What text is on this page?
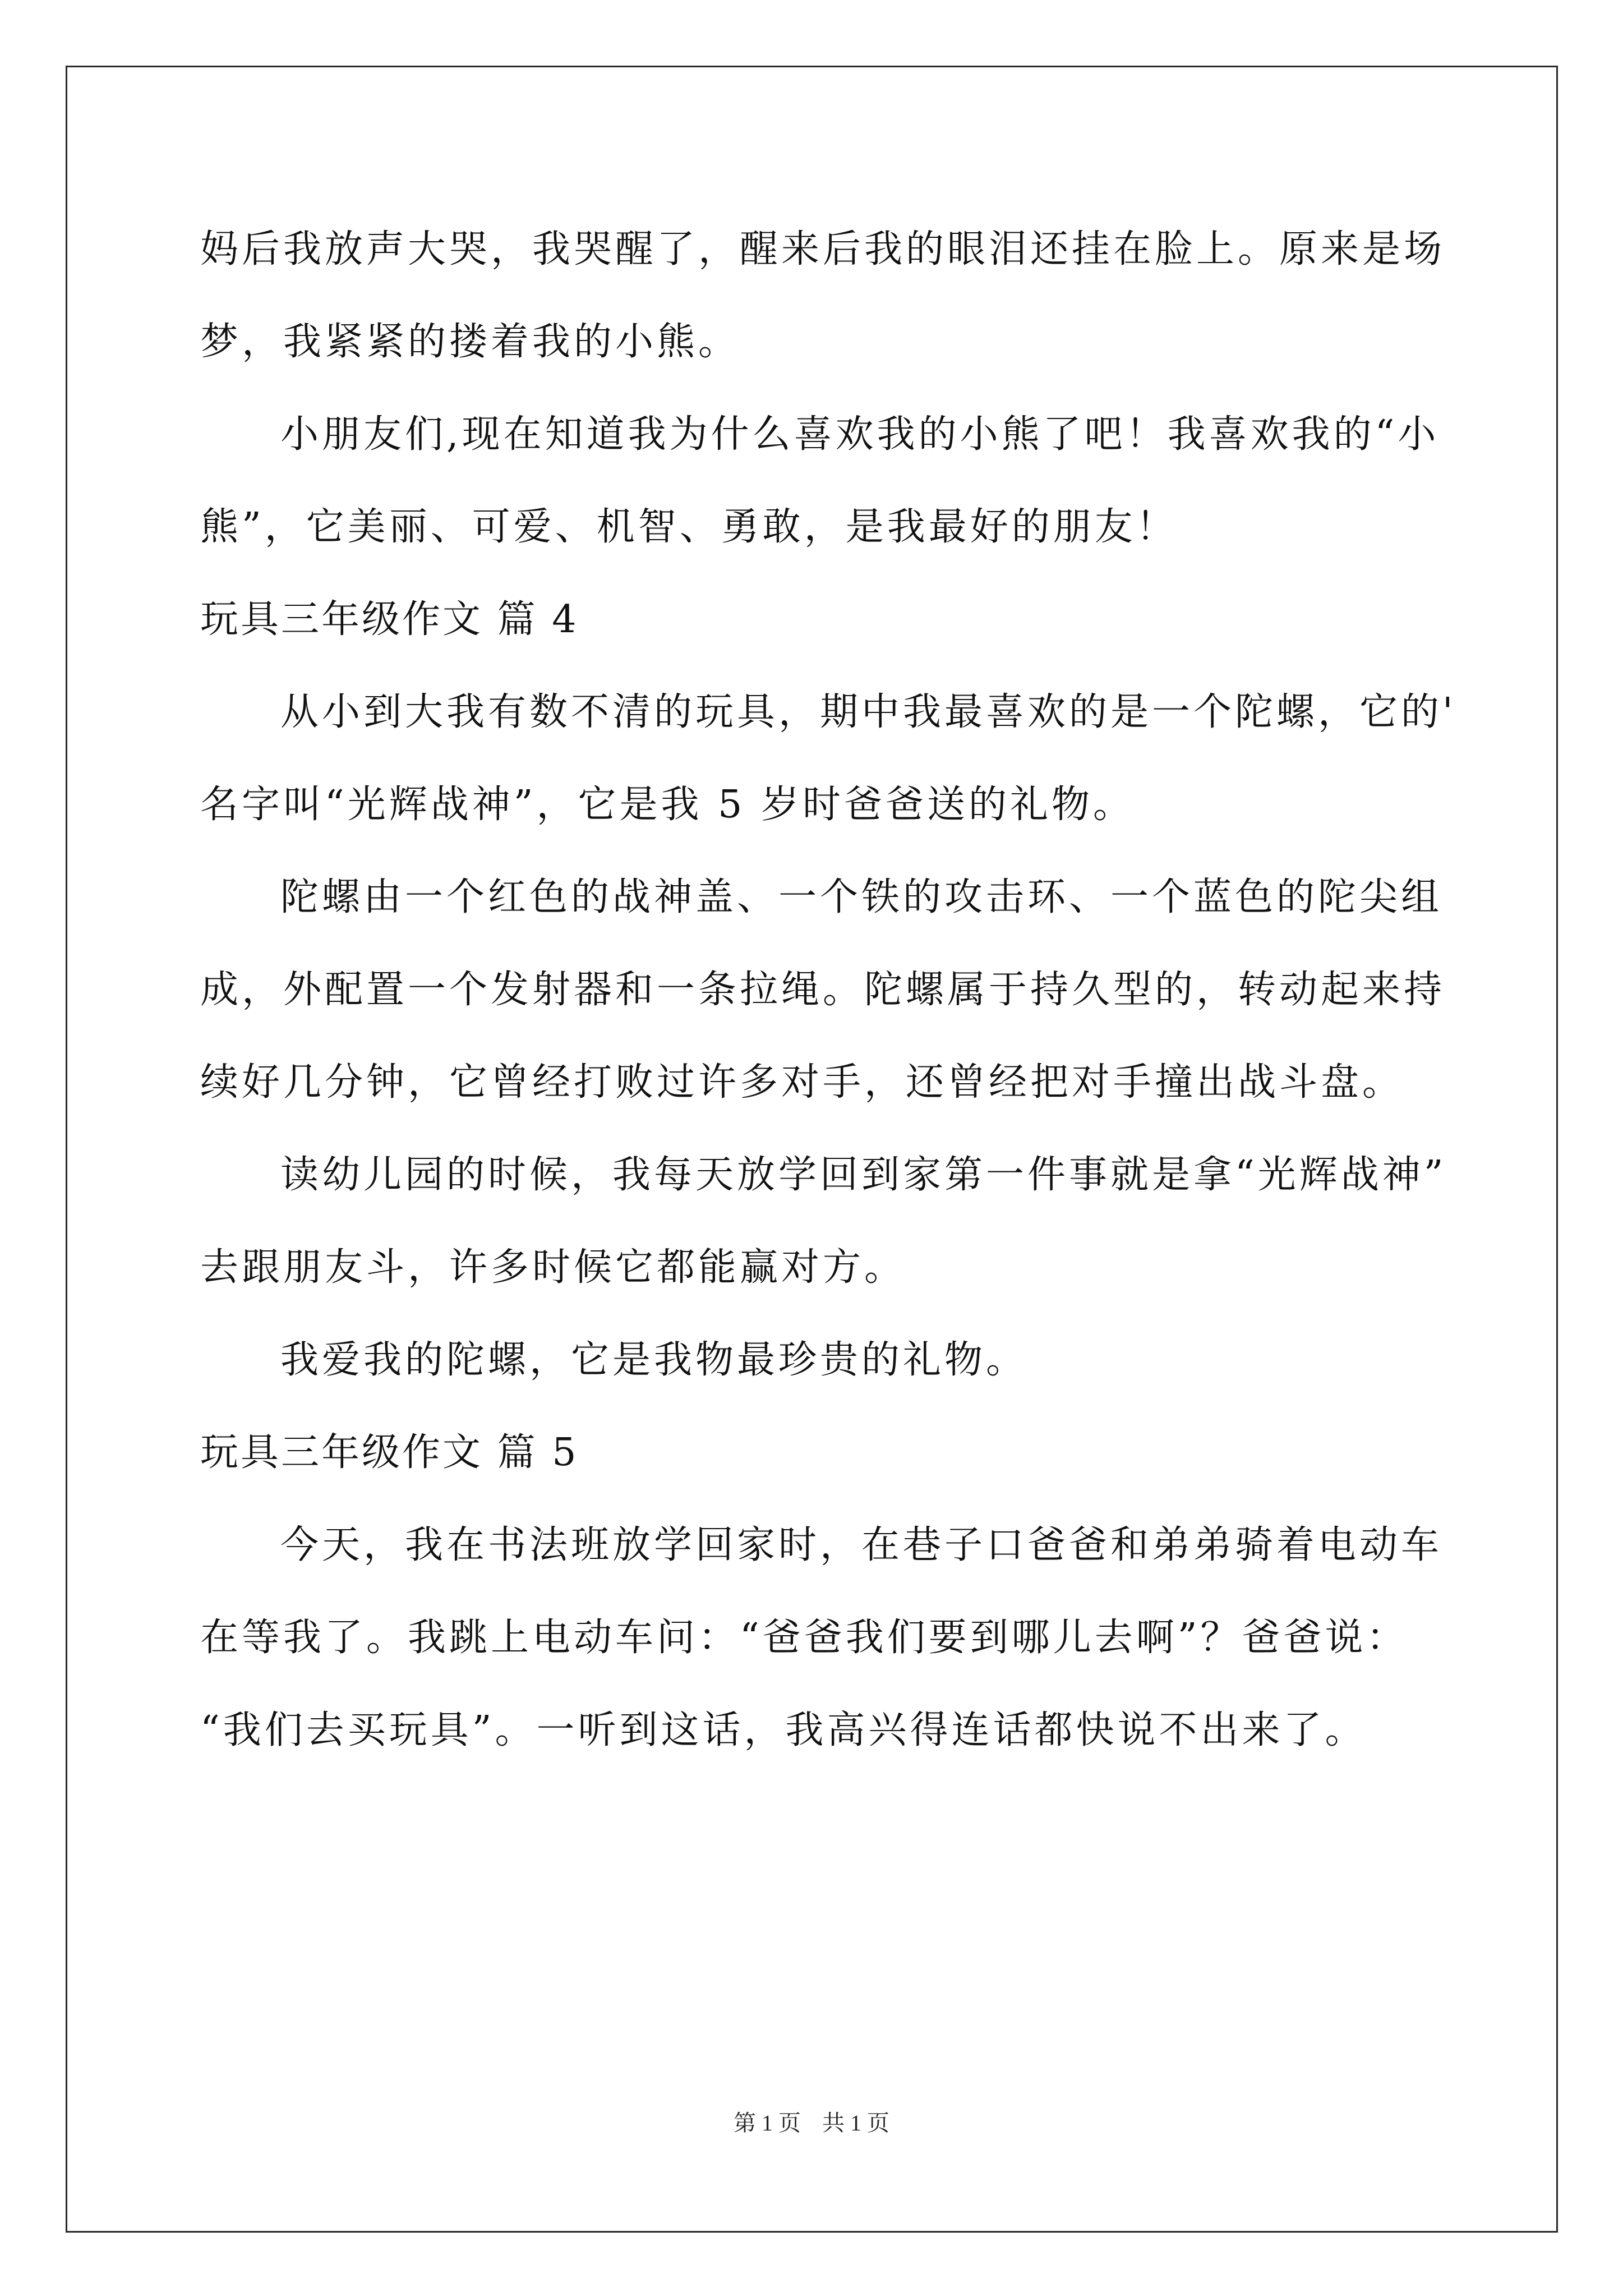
妈后我放声大哭，我哭醒了，醒来后我的眼泪还挂在脸上。原来是场
梦，我紧紧的搂着我的小熊。
小朋友们,现在知道我为什么喜欢我的小熊了吧！我喜欢我的“小
熊”，它美丽、可爱、机智、勇敢，是我最好的朋友！
玩具三年级作文 篇 4
从小到大我有数不清的玩具，期中我最喜欢的是一个陀螺，它的'
名字叫“光辉战神”，它是我 5 岁时爸爸送的礼物。
陀螺由一个红色的战神盖、一个铁的攻击环、一个蓝色的陀尖组
成，外配置一个发射器和一条拉绳。陀螺属于持久型的，转动起来持
续好几分钟，它曾经打败过许多对手，还曾经把对手撞出战斗盘。
读幼儿园的时候，我每天放学回到家第一件事就是拿“光辉战神”
去跟朋友斗，许多时候它都能赢对方。
我爱我的陀螺，它是我物最珍贵的礼物。
玩具三年级作文 篇 5
今天，我在书法班放学回家时，在巷子口爸爸和弟弟骑着电动车
在等我了。我跳上电动车问：“爸爸我们要到哪儿去啊”？爸爸说：
“我们去买玩具”。一听到这话，我高兴得连话都快说不出来了。
第 1 页 共 1 页
